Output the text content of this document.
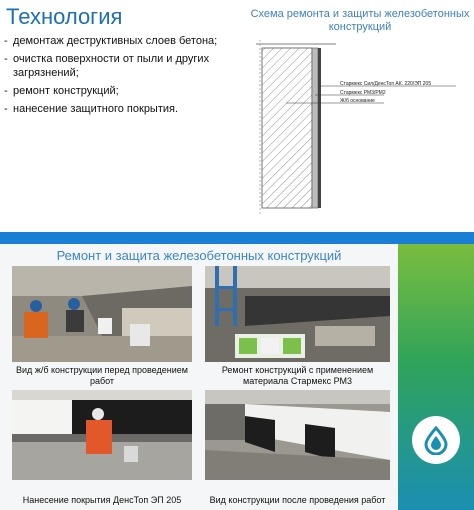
Технология
- демонтаж деструктивных слоев бетона;
- очистка поверхности от пыли и других загрязнений;
- ремонт конструкций;
- нанесение защитного покрытия.
Схема ремонта и защиты железобетонных конструкций
Стармекс Сил/ДенсТоп АК. 220/ЭП 205
Стармекс РМ3/РМ2
Ж/б основание
Ремонт и защита железобетонных конструкций
Вид ж/б конструкции перед проведением работ
Ремонт конструкций с применением материала Стармекс РМ3
Нанесение покрытия ДенсТоп ЭП 205	Вид конструкции после проведения работ
